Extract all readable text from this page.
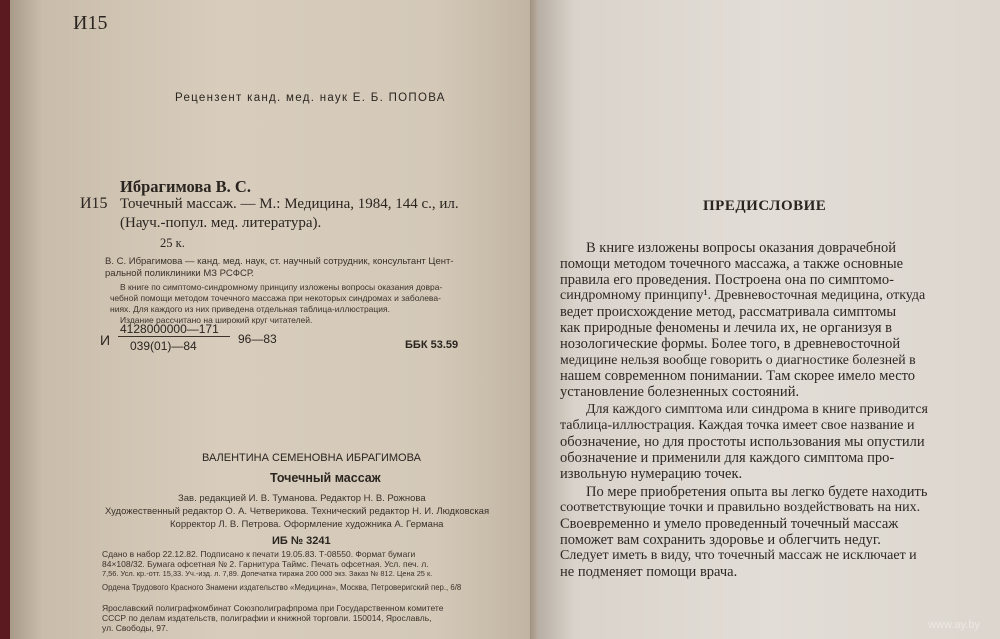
И15
Рецензент канд. мед. наук Е. Б. ПОПОВА
Ибрагимова В. С.
И15 Точечный массаж. — М.: Медицина, 1984, 144 с., ил.
(Науч.-попул. мед. литература).
25 к.
В. С. Ибрагимова — канд. мед. наук, ст. научный сотрудник, консультант Цент-
ральной поликлиники МЗ РСФСР.
В книге по симптомо-синдромному принципу изложены вопросы оказания довра-
чебной помощи методом точечного массажа при некоторых синдромах и заболева-
ниях. Для каждого из них приведена отдельная таблица-иллюстрация.
Издание рассчитано на широкий круг читателей.
И
4128000000—171
039(01)—84	96—83	ББК 53.59
ВАЛЕНТИНА СЕМЕНОВНА ИБРАГИМОВА
Точечный массаж
Зав. редакцией И. В. Туманова. Редактор Н. В. Рожнова
Художественный редактор О. А. Четверикова. Технический редактор Н. И. Людковская
Корректор Л. В. Петрова. Оформление художника А. Германа
ИБ № 3241
Сдано в набор 22.12.82. Подписано к печати 19.05.83. Т-08550. Формат бумаги
84×108/32. Бумага офсетная № 2. Гарнитура Таймс. Печать офсетная. Усл. печ. л.
7,56. Усл. кр.-отт. 15,33. Уч.-изд. л. 7,89. Допечатка тиража 200 000 экз. Заказ № 812. Цена 25 к.
Ордена Трудового Красного Знамени издательство «Медицина», Москва, Петроверигский пер., 6/8
Ярославский полиграфкомбинат Союзполиграфпрома при Государственном комитете
СССР по делам издательств, полиграфии и книжной торговли. 150014, Ярославль,
ул. Свободы, 97.
ПРЕДИСЛОВИЕ
В книге изложены вопросы оказания доврачебной
помощи методом точечного массажа, а также основные
правила его проведения. Построена она по симптомо-
синдромному принципу¹. Древневосточная медицина, откуда
ведет происхождение метод, рассматривала симптомы
как природные феномены и лечила их, не организуя в
нозологические формы. Более того, в древневосточной
медицине нельзя вообще говорить о диагностике болезней в
нашем современном понимании. Там скорее имело место
установление болезненных состояний.
Для каждого симптома или синдрома в книге приводится
таблица-иллюстрация. Каждая точка имеет свое название и
обозначение, но для простоты использования мы опустили
обозначение и применили для каждого симптома про-
извольную нумерацию точек.
По мере приобретения опыта вы легко будете находить
соответствующие точки и правильно воздействовать на них.
Своевременно и умело проведенный точечный массаж
поможет вам сохранить здоровье и облегчить недуг.
Следует иметь в виду, что точечный массаж не исключает и
не подменяет помощи врача.
www.ay.by
